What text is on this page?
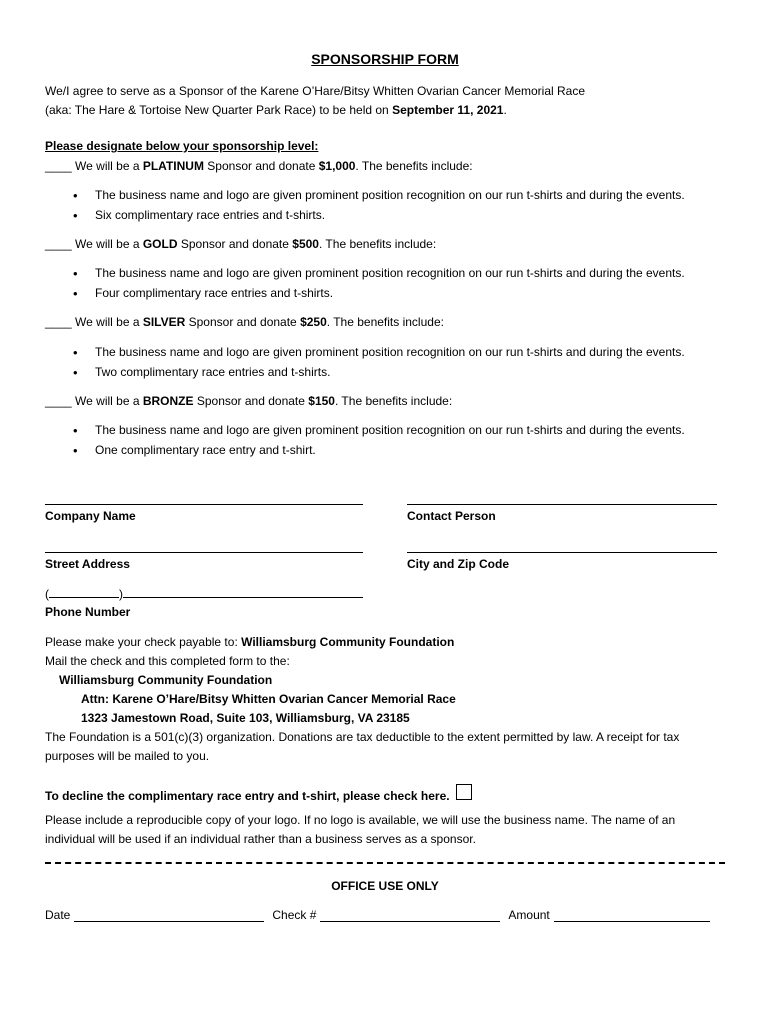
SPONSORSHIP FORM
We/I agree to serve as a Sponsor of the Karene O’Hare/Bitsy Whitten Ovarian Cancer Memorial Race
(aka: The Hare & Tortoise New Quarter Park Race) to be held on September 11, 2021.
Please designate below your sponsorship level:
____ We will be a PLATINUM Sponsor and donate $1,000. The benefits include:
• The business name and logo are given prominent position recognition on our run t-shirts and during the events.
• Six complimentary race entries and t-shirts.
____ We will be a GOLD Sponsor and donate $500. The benefits include:
• The business name and logo are given prominent position recognition on our run t-shirts and during the events.
• Four complimentary race entries and t-shirts.
____ We will be a SILVER Sponsor and donate $250. The benefits include:
• The business name and logo are given prominent position recognition on our run t-shirts and during the events.
• Two complimentary race entries and t-shirts.
____ We will be a BRONZE Sponsor and donate $150. The benefits include:
• The business name and logo are given prominent position recognition on our run t-shirts and during the events.
• One complimentary race entry and t-shirt.
Company Name	Contact Person
Street Address	City and Zip Code
(	)
Phone Number
Please make your check payable to: Williamsburg Community Foundation
Mail the check and this completed form to the:
Williamsburg Community Foundation
Attn: Karene O’Hare/Bitsy Whitten Ovarian Cancer Memorial Race
1323 Jamestown Road, Suite 103, Williamsburg, VA 23185
The Foundation is a 501(c)(3) organization. Donations are tax deductible to the extent permitted by law. A receipt for tax purposes will be mailed to you.
To decline the complimentary race entry and t-shirt, please check here.
Please include a reproducible copy of your logo. If no logo is available, we will use the business name. The name of an individual will be used if an individual rather than a business serves as a sponsor.
OFFICE USE ONLY
Date	Check #	Amount
